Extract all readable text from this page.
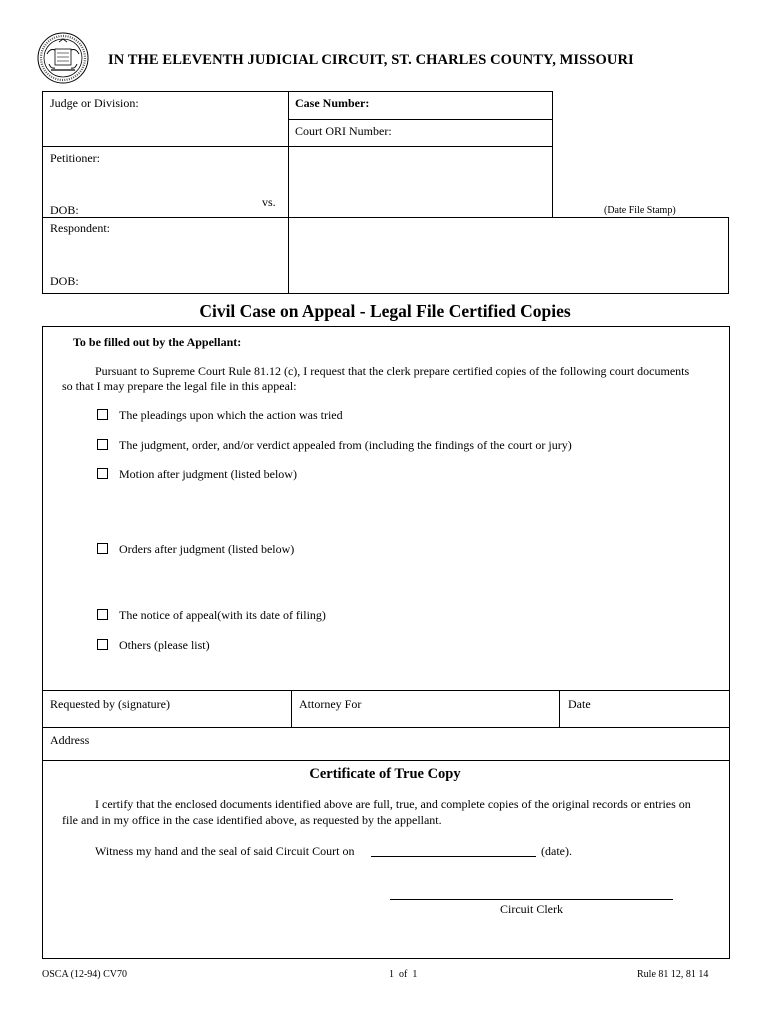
IN THE ELEVENTH JUDICIAL CIRCUIT, ST. CHARLES COUNTY, MISSOURI
Judge or Division:	Case Number:
Court ORI Number:
Petitioner:
vs.
DOB:	(Date File Stamp)
Respondent:
DOB:
Civil Case on Appeal - Legal File Certified Copies
To be filled out by the Appellant:
Pursuant to Supreme Court Rule 81.12 (c), I request that the clerk prepare certified copies of the following court documents
so that I may prepare the legal file in this appeal:
The pleadings upon which the action was tried
The judgment, order, and/or verdict appealed from (including the findings of the court or jury)
Motion after judgment (listed below)
Orders after judgment (listed below)
The notice of appeal(with its date of filing)
Others (please list)
Requested by (signature)	Attorney For	Date
Address
Certificate of True Copy
I certify that the enclosed documents identified above are full, true, and complete copies of the original records or entries on
file and in my office in the case identified above, as requested by the appellant.
Witness my hand and the seal of said Circuit Court on	(date).
Circuit Clerk
OSCA (12-94) CV70	1  of  1	Rule 81 12, 81 14
